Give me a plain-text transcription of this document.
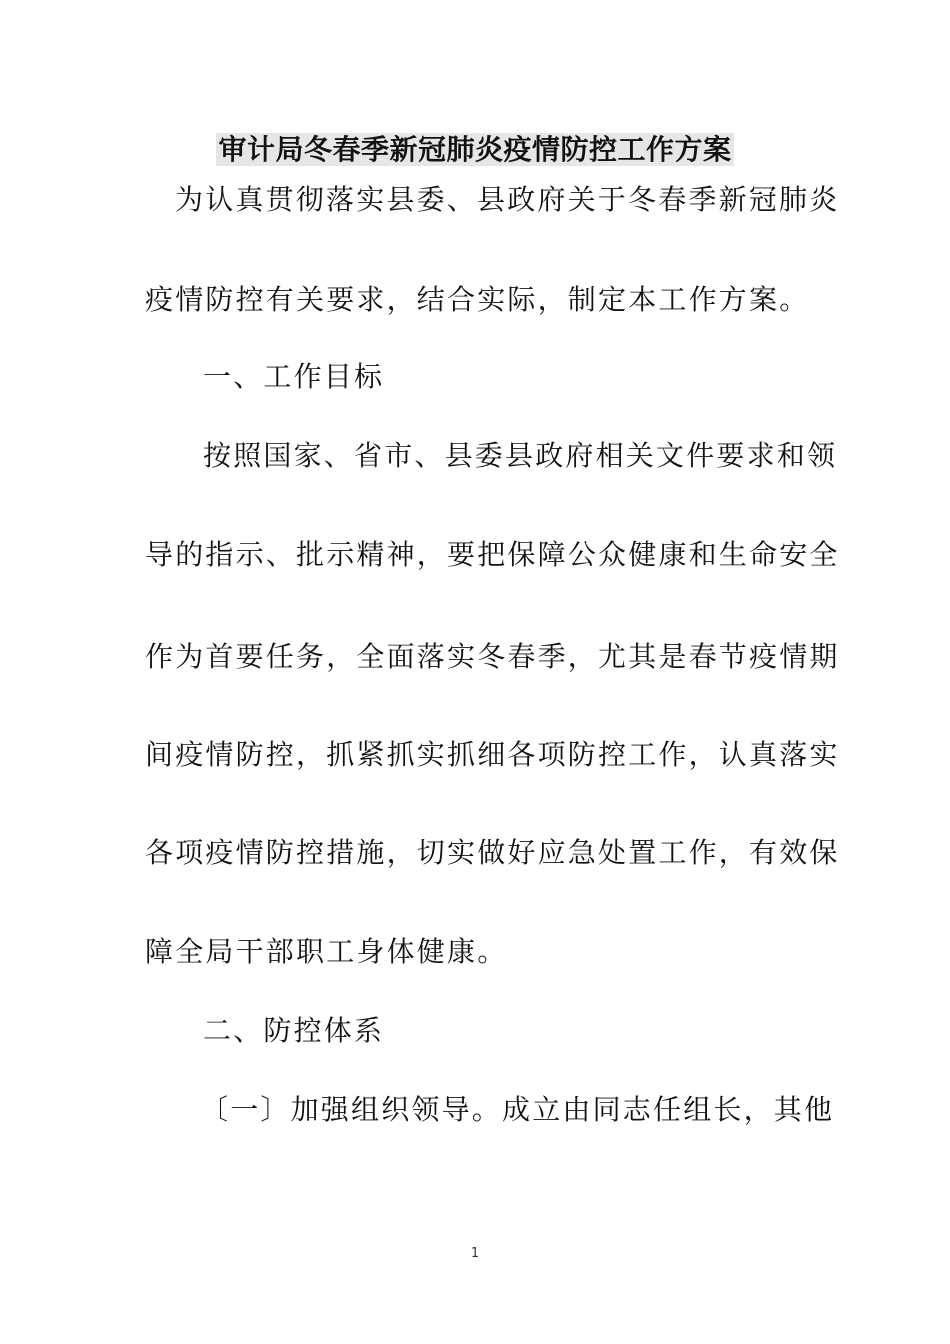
审计局冬春季新冠肺炎疫情防控工作方案
为认真贯彻落实县委、县政府关于冬春季新冠肺炎
疫情防控有关要求，结合实际，制定本工作方案。
一、工作目标
按照国家、省市、县委县政府相关文件要求和领
导的指示、批示精神，要把保障公众健康和生命安全
作为首要任务，全面落实冬春季，尤其是春节疫情期
间疫情防控，抓紧抓实抓细各项防控工作，认真落实
各项疫情防控措施，切实做好应急处置工作，有效保
障全局干部职工身体健康。
二、防控体系
〔一〕加强组织领导。成立由同志任组长，其他
1
